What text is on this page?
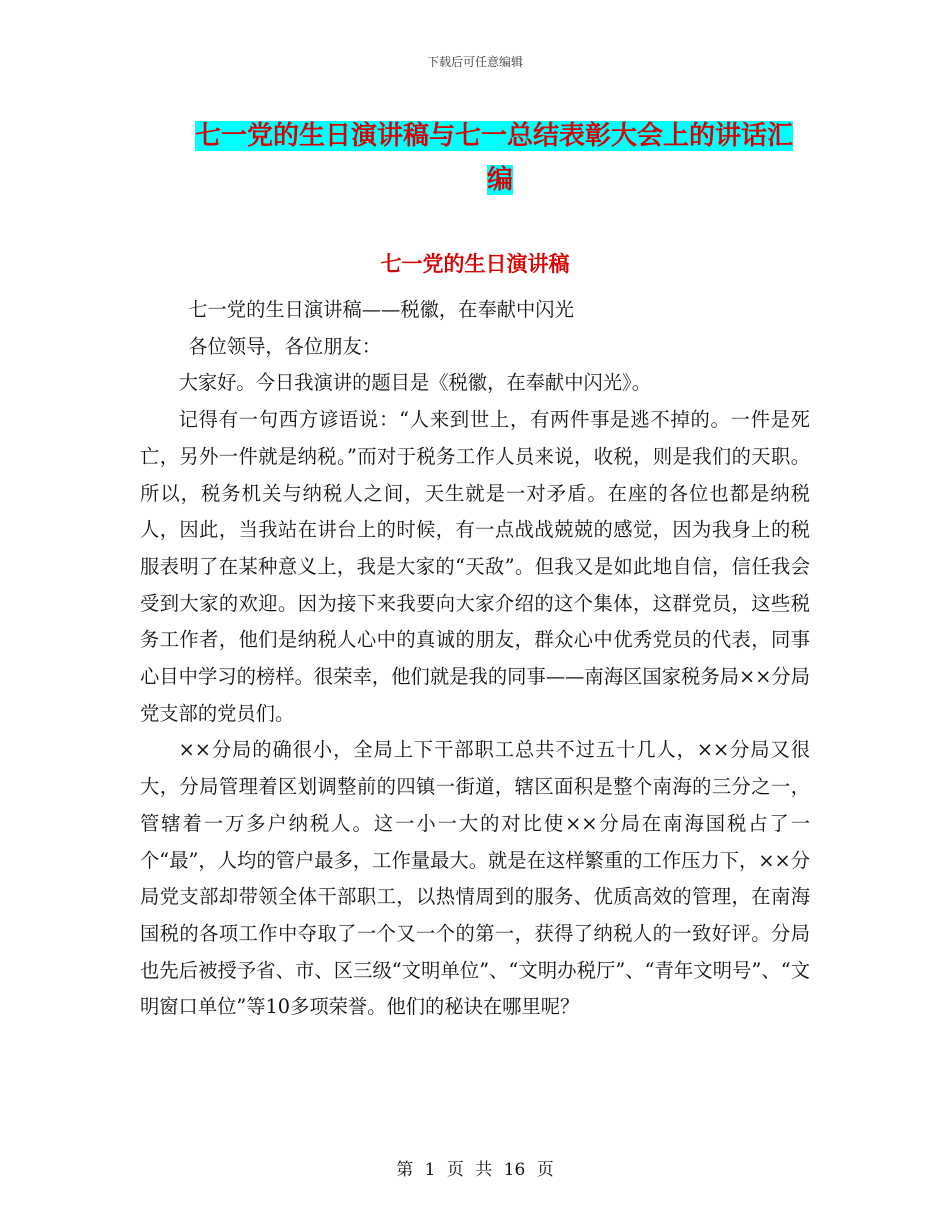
下载后可任意编辑
七一党的生日演讲稿与七一总结表彰大会上的讲话汇
编
七一党的生日演讲稿

七一党的生日演讲稿——税徽，在奉献中闪光

各位领导，各位朋友：

大家好。今日我演讲的题目是《税徽，在奉献中闪光》。

记得有一句西方谚语说：“人来到世上，有两件事是逃不掉的。一件是死亡，另外一件就是纳税。”而对于税务工作人员来说，收税，则是我们的天职。所以，税务机关与纳税人之间，天生就是一对矛盾。在座的各位也都是纳税人，因此，当我站在讲台上的时候，有一点战战兢兢的感觉，因为我身上的税服表明了在某种意义上，我是大家的“天敌”。但我又是如此地自信，信任我会受到大家的欢迎。因为接下来我要向大家介绍的这个集体，这群党员，这些税务工作者，他们是纳税人心中的真诚的朋友，群众心中优秀党员的代表，同事心目中学习的榜样。很荣幸，他们就是我的同事——南海区国家税务局××分局党支部的党员们。

××分局的确很小，全局上下干部职工总共不过五十几人，××分局又很大，分局管理着区划调整前的四镇一街道，辖区面积是整个南海的三分之一，管辖着一万多户纳税人。这一小一大的对比使××分局在南海国税占了一个“最”，人均的管户最多，工作量最大。就是在这样繁重的工作压力下，××分局党支部却带领全体干部职工，以热情周到的服务、优质高效的管理，在南海国税的各项工作中夺取了一个又一个的第一，获得了纳税人的一致好评。分局也先后被授予省、市、区三级“文明单位”、“文明办税厅”、“青年文明号”、“文明窗口单位”等10多项荣誉。他们的秘诀在哪里呢？

第 1 页 共 16 页
